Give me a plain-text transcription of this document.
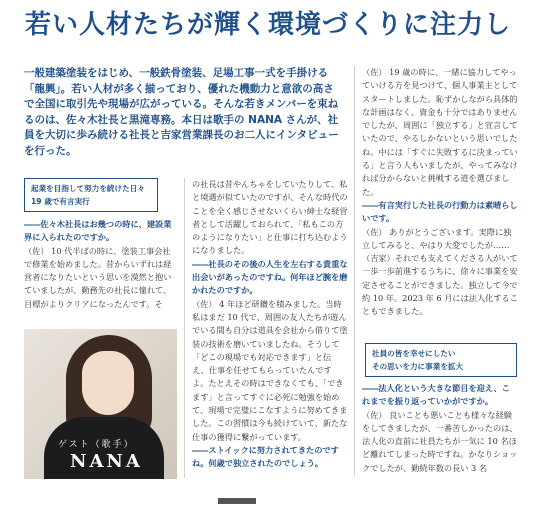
若い人材たちが輝く環境づくりに注力し
一般建築塗装をはじめ、一般鉄骨塗装、足場工事一式を手掛ける「龍興」。若い人材が多く揃っており、優れた機動力と意欲の高さで全国に取引先や現場が広がっている。そんな若きメンバーを束ねるのは、佐々木社長と黒滝専務。本日は歌手の NANA さんが、社員を大切に歩み続ける社長と吉家営業課長のお二人にインタビューを行った。
起業を目指して努力を続けた日々
19 歳で有言実行

――佐々木社長はお幾つの時に、建設業界に入られたのですか。

（佐） 10 代半ばの時に、塗装工事会社で修業を始めました。昔からいずれは経営者になりたいという思いを漠然と抱いていましたが、勤務先の社長に憧れて、目標がよりクリアになったんです。そ

ゲスト（歌手）
NANA

の社長は昔やんちゃをしていたりして、私と境遇が似ていたのですが、そんな時代のことを全く感じさせないくらい紳士な経営者として活躍しておられて、「私もこの方のようになりたい」と仕事に打ち込むようになりました。

――社長のその後の人生を左右する貴重な出会いがあったのですね。何年ほど腕を磨かれたのですか。

（佐） 4 年ほど研鑽を積みました。当時私はまだ 10 代で、周囲の友人たちが遊んでいる間も自分は道具を会社から借りて塗装の技術を磨いていましたね。そうして「どこの現場でも対応できます」と伝え、仕事を任せてもらっていたんですよ。たとえその時はできなくても、「できます」と言ってすぐに必死に勉強を始めて、現場で完璧にこなすように努めてきました。この習慣は今も続けていて、新たな仕事の獲得に繋がっています。

――ストイックに努力されてきたのですね。何歳で独立されたのでしょう。

（佐） 19 歳の時に、一緒に協力してやっていける方を見つけて、個人事業主としてスタートしました。恥ずかしながら具体的な計画はなく、資金も十分ではありませんでしたが、周囲に「独立する」と宣言していたので、やるしかないという思いでしたね。中には「すぐに失敗するに決まっている」と言う人もいましたが、やってみなければ分からないと挑戦する道を選びました。

――有言実行した社長の行動力は素晴らしいです。

（佐） ありがとうございます。実際に独立してみると、やはり大変でしたが……

（吉家）それでも支えてくださる人がいて一歩一歩前進するうちに、徐々に事業を安定させることができました。独立して今で約 10 年。2023 年 6 月には法人化することもできました。

社員の皆を幸せにしたい
その思いを力に事業を拡大

――法人化という大きな節目を迎え、これまでを振り返っていかがですか。

（佐） 良いことも悪いことも様々な経験をしてきましたが、一番苦しかったのは、法人化の直前に社員たちが一気に 10 名ほど離れてしまった時ですね。かなりショックでしたが、勤続年数の長い 3 名
